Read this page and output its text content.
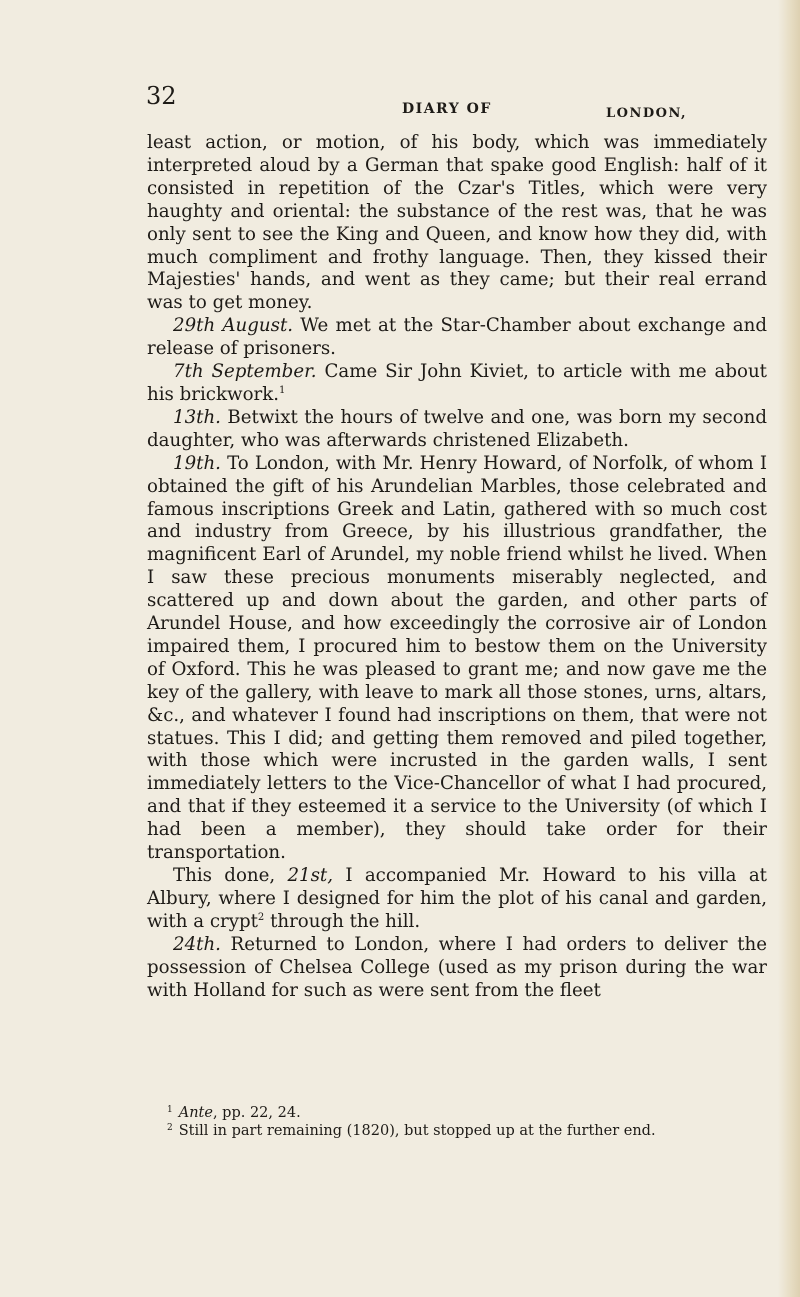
32	DIARY OF	LONDON,

least action, or motion, of his body, which was immediately interpreted aloud by a German that spake good English: half of it consisted in repetition of the Czar's Titles, which were very haughty and oriental: the substance of the rest was, that he was only sent to see the King and Queen, and know how they did, with much compliment and frothy language. Then, they kissed their Majesties' hands, and went as they came; but their real errand was to get money.

29th August. We met at the Star-Chamber about exchange and release of prisoners.

7th September. Came Sir John Kiviet, to article with me about his brickwork.$^1$

13th. Betwixt the hours of twelve and one, was born my second daughter, who was afterwards christened Elizabeth.

19th. To London, with Mr. Henry Howard, of Norfolk, of whom I obtained the gift of his Arundelian Marbles, those celebrated and famous inscriptions Greek and Latin, gathered with so much cost and industry from Greece, by his illustrious grandfather, the magnificent Earl of Arundel, my noble friend whilst he lived. When I saw these precious monuments miserably neglected, and scattered up and down about the garden, and other parts of Arundel House, and how exceedingly the corrosive air of London impaired them, I procured him to bestow them on the University of Oxford. This he was pleased to grant me; and now gave me the key of the gallery, with leave to mark all those stones, urns, altars, &c., and whatever I found had inscriptions on them, that were not statues. This I did; and getting them removed and piled together, with those which were incrusted in the garden walls, I sent immediately letters to the Vice-Chancellor of what I had procured, and that if they esteemed it a service to the University (of which I had been a member), they should take order for their transportation.

This done, 21st, I accompanied Mr. Howard to his villa at Albury, where I designed for him the plot of his canal and garden, with a crypt$^2$ through the hill.

24th. Returned to London, where I had orders to deliver the possession of Chelsea College (used as my prison during the war with Holland for such as were sent from the fleet

$^1$ Ante, pp. 22, 24.
$^2$ Still in part remaining (1820), but stopped up at the further end.
